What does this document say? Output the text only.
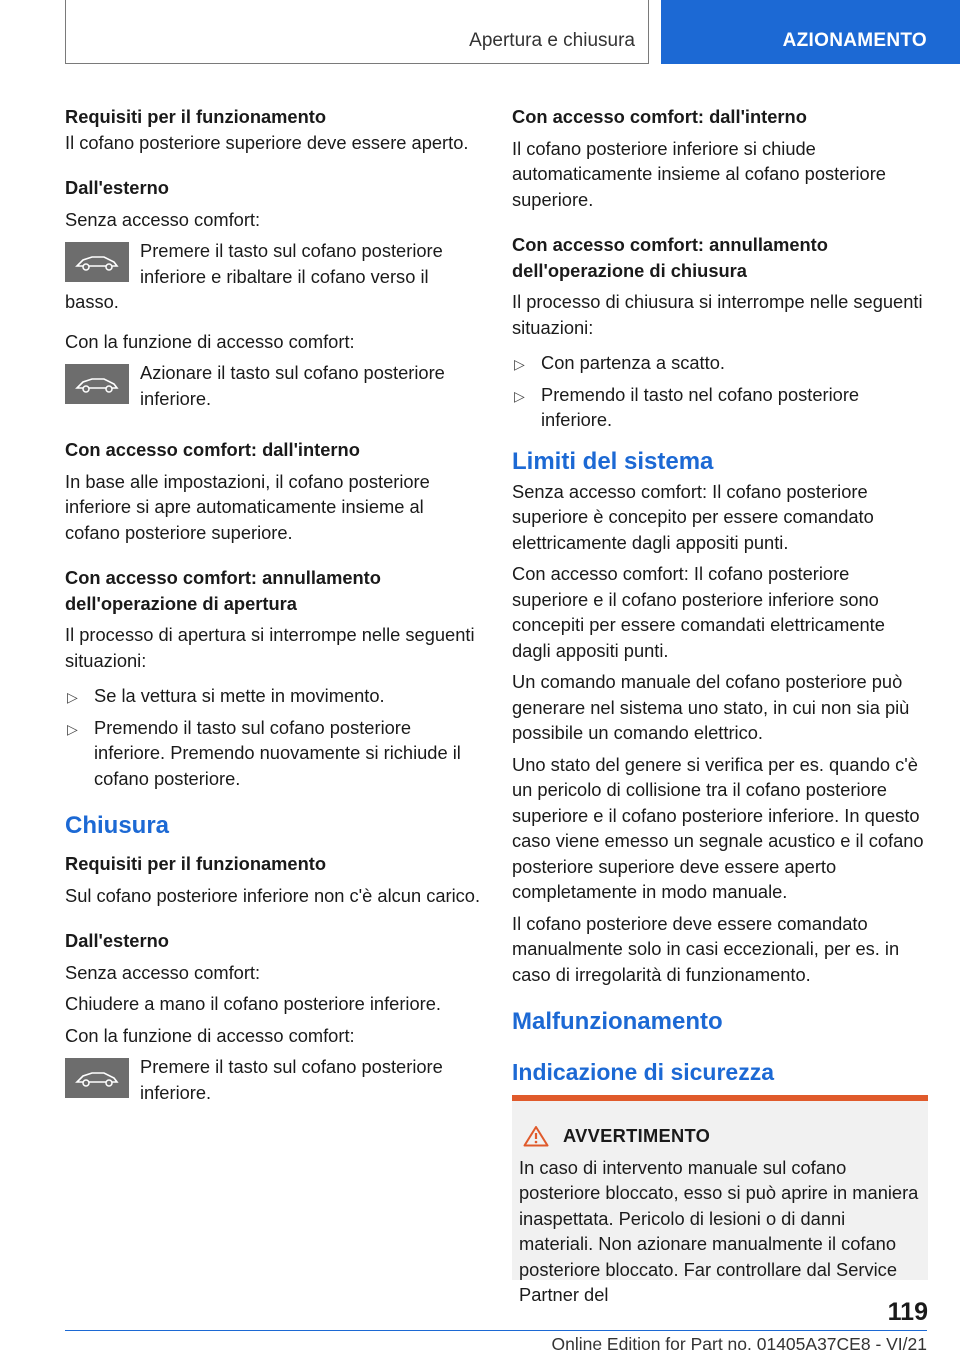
Apertura e chiusura	AZIONAMENTO
Requisiti per il funzionamento
Il cofano posteriore superiore deve essere aperto.
Dall'esterno
Senza accesso comfort:
Premere il tasto sul cofano posteriore inferiore e ribaltare il cofano verso il basso.
Con la funzione di accesso comfort:
Azionare il tasto sul cofano posteriore inferiore.
Con accesso comfort: dall'interno
In base alle impostazioni, il cofano posteriore inferiore si apre automaticamente insieme al cofano posteriore superiore.
Con accesso comfort: annullamento dell'operazione di apertura
Il processo di apertura si interrompe nelle seguenti situazioni:
▷ Se la vettura si mette in movimento.
▷ Premendo il tasto sul cofano posteriore inferiore. Premendo nuovamente si richiude il cofano posteriore.
Chiusura
Requisiti per il funzionamento
Sul cofano posteriore inferiore non c'è alcun carico.
Dall'esterno
Senza accesso comfort:
Chiudere a mano il cofano posteriore inferiore.
Con la funzione di accesso comfort:
Premere il tasto sul cofano posteriore inferiore.
Con accesso comfort: dall'interno
Il cofano posteriore inferiore si chiude automaticamente insieme al cofano posteriore superiore.
Con accesso comfort: annullamento dell'operazione di chiusura
Il processo di chiusura si interrompe nelle seguenti situazioni:
▷ Con partenza a scatto.
▷ Premendo il tasto nel cofano posteriore inferiore.
Limiti del sistema
Senza accesso comfort: Il cofano posteriore superiore è concepito per essere comandato elettricamente dagli appositi punti.
Con accesso comfort: Il cofano posteriore superiore e il cofano posteriore inferiore sono concepiti per essere comandati elettricamente dagli appositi punti.
Un comando manuale del cofano posteriore può generare nel sistema uno stato, in cui non sia più possibile un comando elettrico.
Uno stato del genere si verifica per es. quando c'è un pericolo di collisione tra il cofano posteriore superiore e il cofano posteriore inferiore. In questo caso viene emesso un segnale acustico e il cofano posteriore superiore deve essere aperto completamente in modo manuale.
Il cofano posteriore deve essere comandato manualmente solo in casi eccezionali, per es. in caso di irregolarità di funzionamento.
Malfunzionamento
Indicazione di sicurezza
AVVERTIMENTO
In caso di intervento manuale sul cofano posteriore bloccato, esso si può aprire in maniera inaspettata. Pericolo di lesioni o di danni materiali. Non azionare manualmente il cofano posteriore bloccato. Far controllare dal Service Partner del
119
Online Edition for Part no. 01405A37CE8 - VI/21
